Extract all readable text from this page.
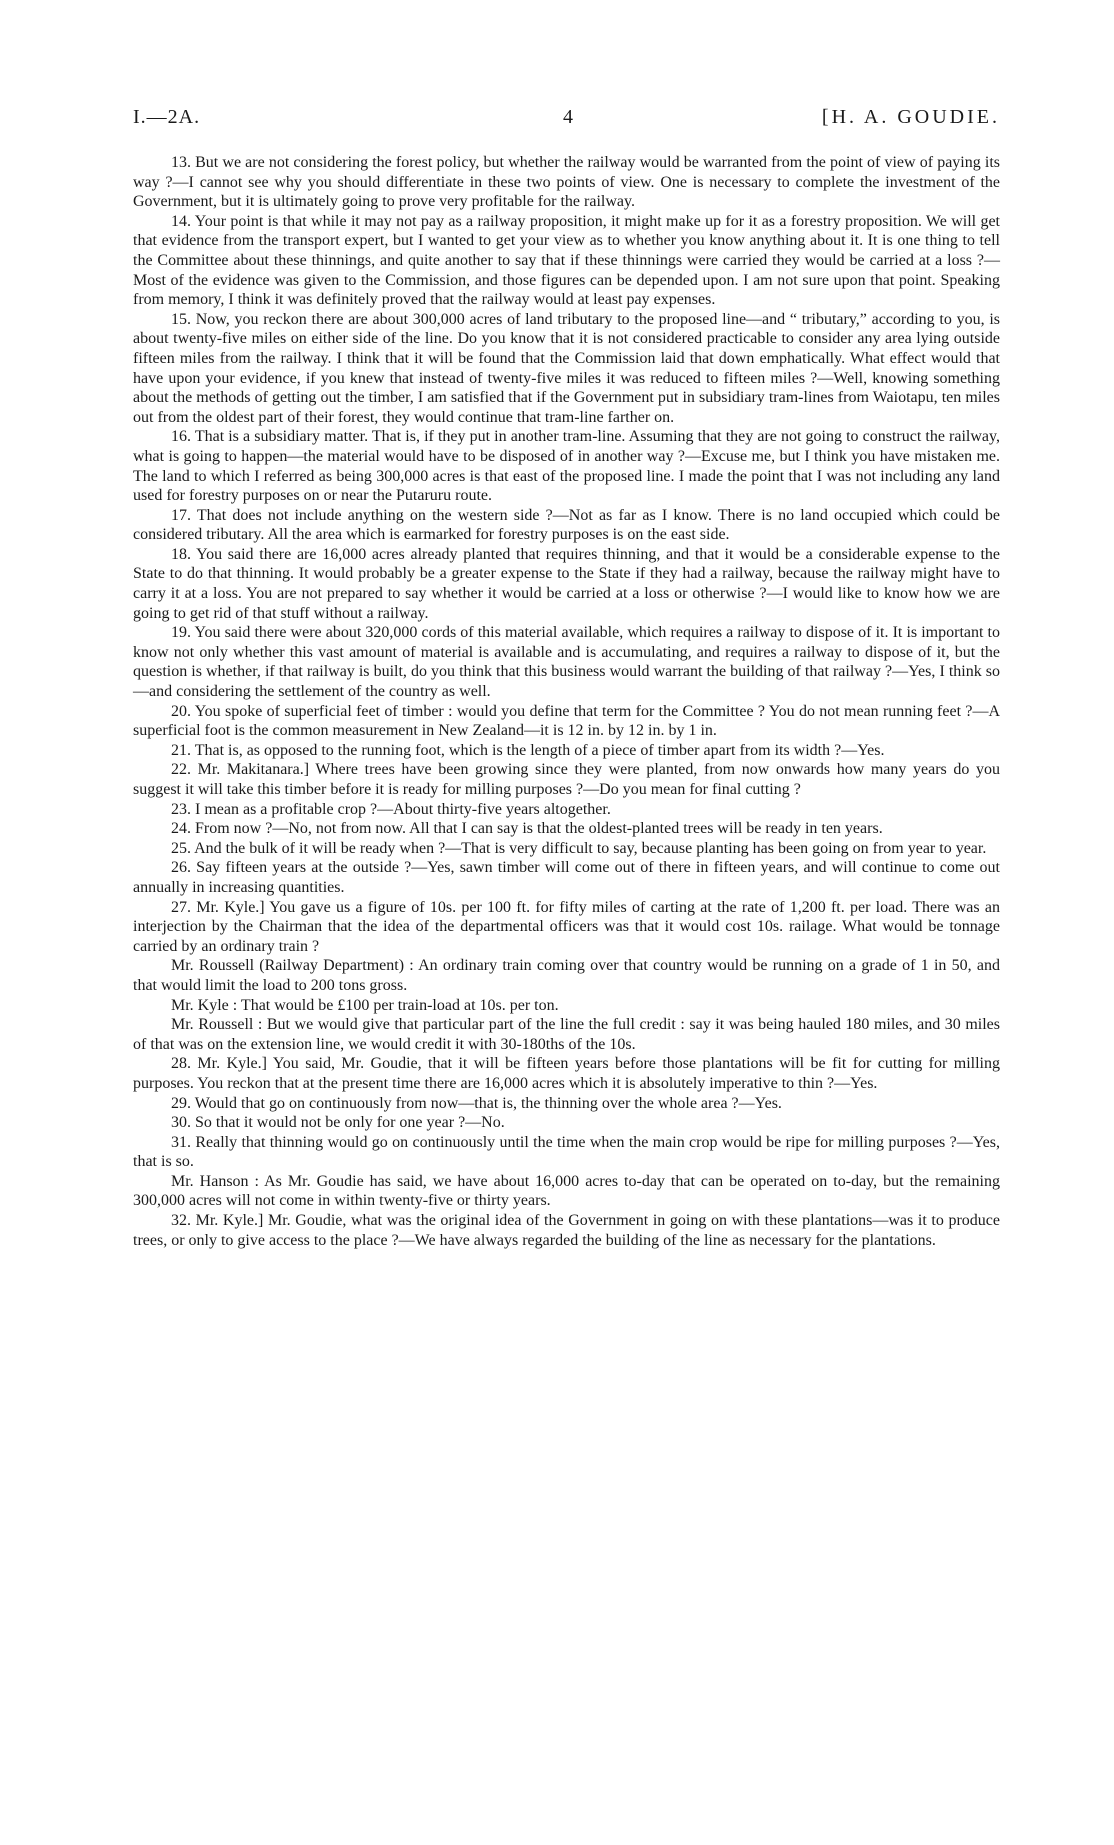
I.—2A.	4	[H. A. GOUDIE.

13. But we are not considering the forest policy, but whether the railway would be warranted from the point of view of paying its way ?—I cannot see why you should differentiate in these two points of view. One is necessary to complete the investment of the Government, but it is ultimately going to prove very profitable for the railway.

14. Your point is that while it may not pay as a railway proposition, it might make up for it as a forestry proposition. We will get that evidence from the transport expert, but I wanted to get your view as to whether you know anything about it. It is one thing to tell the Committee about these thinnings, and quite another to say that if these thinnings were carried they would be carried at a loss ?—Most of the evidence was given to the Commission, and those figures can be depended upon. I am not sure upon that point. Speaking from memory, I think it was definitely proved that the railway would at least pay expenses.

15. Now, you reckon there are about 300,000 acres of land tributary to the proposed line—and “ tributary,” according to you, is about twenty-five miles on either side of the line. Do you know that it is not considered practicable to consider any area lying outside fifteen miles from the railway. I think that it will be found that the Commission laid that down emphatically. What effect would that have upon your evidence, if you knew that instead of twenty-five miles it was reduced to fifteen miles ?—Well, knowing something about the methods of getting out the timber, I am satisfied that if the Government put in subsidiary tram-lines from Waiotapu, ten miles out from the oldest part of their forest, they would continue that tram-line farther on.

16. That is a subsidiary matter. That is, if they put in another tram-line. Assuming that they are not going to construct the railway, what is going to happen—the material would have to be disposed of in another way ?—Excuse me, but I think you have mistaken me. The land to which I referred as being 300,000 acres is that east of the proposed line. I made the point that I was not including any land used for forestry purposes on or near the Putaruru route.

17. That does not include anything on the western side ?—Not as far as I know. There is no land occupied which could be considered tributary. All the area which is earmarked for forestry purposes is on the east side.

18. You said there are 16,000 acres already planted that requires thinning, and that it would be a considerable expense to the State to do that thinning. It would probably be a greater expense to the State if they had a railway, because the railway might have to carry it at a loss. You are not prepared to say whether it would be carried at a loss or otherwise ?—I would like to know how we are going to get rid of that stuff without a railway.

19. You said there were about 320,000 cords of this material available, which requires a railway to dispose of it. It is important to know not only whether this vast amount of material is available and is accumulating, and requires a railway to dispose of it, but the question is whether, if that railway is built, do you think that this business would warrant the building of that railway ?—Yes, I think so—and considering the settlement of the country as well.

20. You spoke of superficial feet of timber : would you define that term for the Committee ? You do not mean running feet ?—A superficial foot is the common measurement in New Zealand—it is 12 in. by 12 in. by 1 in.

21. That is, as opposed to the running foot, which is the length of a piece of timber apart from its width ?—Yes.

22. Mr. Makitanara.] Where trees have been growing since they were planted, from now onwards how many years do you suggest it will take this timber before it is ready for milling purposes ?—Do you mean for final cutting ?

23. I mean as a profitable crop ?—About thirty-five years altogether.

24. From now ?—No, not from now. All that I can say is that the oldest-planted trees will be ready in ten years.

25. And the bulk of it will be ready when ?—That is very difficult to say, because planting has been going on from year to year.

26. Say fifteen years at the outside ?—Yes, sawn timber will come out of there in fifteen years, and will continue to come out annually in increasing quantities.

27. Mr. Kyle.] You gave us a figure of 10s. per 100 ft. for fifty miles of carting at the rate of 1,200 ft. per load. There was an interjection by the Chairman that the idea of the departmental officers was that it would cost 10s. railage. What would be tonnage carried by an ordinary train ?

Mr. Roussell (Railway Department) : An ordinary train coming over that country would be running on a grade of 1 in 50, and that would limit the load to 200 tons gross.

Mr. Kyle : That would be £100 per train-load at 10s. per ton.

Mr. Roussell : But we would give that particular part of the line the full credit : say it was being hauled 180 miles, and 30 miles of that was on the extension line, we would credit it with 30-180ths of the 10s.

28. Mr. Kyle.] You said, Mr. Goudie, that it will be fifteen years before those plantations will be fit for cutting for milling purposes. You reckon that at the present time there are 16,000 acres which it is absolutely imperative to thin ?—Yes.

29. Would that go on continuously from now—that is, the thinning over the whole area ?—Yes.

30. So that it would not be only for one year ?—No.

31. Really that thinning would go on continuously until the time when the main crop would be ripe for milling purposes ?—Yes, that is so.

Mr. Hanson : As Mr. Goudie has said, we have about 16,000 acres to-day that can be operated on to-day, but the remaining 300,000 acres will not come in within twenty-five or thirty years.

32. Mr. Kyle.] Mr. Goudie, what was the original idea of the Government in going on with these plantations—was it to produce trees, or only to give access to the place ?—We have always regarded the building of the line as necessary for the plantations.
